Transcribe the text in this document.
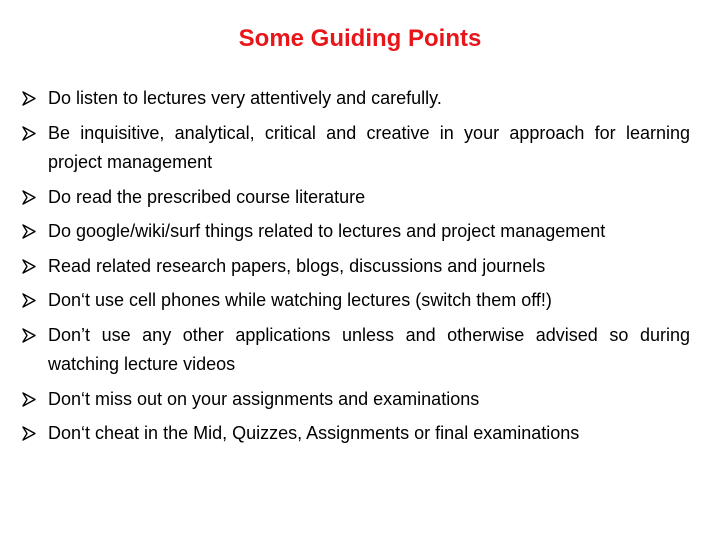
Some Guiding Points
Do listen to lectures very attentively and carefully.
Be inquisitive, analytical, critical and creative in your approach for learning project management
Do read the prescribed course literature
Do google/wiki/surf things related to lectures and project management
Read related research papers, blogs, discussions and journels
Don‘t use cell phones while watching lectures (switch them off!)
Don’t use any other applications unless and otherwise advised so during watching lecture videos
Don‘t miss out on your assignments and examinations
Don‘t cheat in the Mid, Quizzes, Assignments or final examinations
